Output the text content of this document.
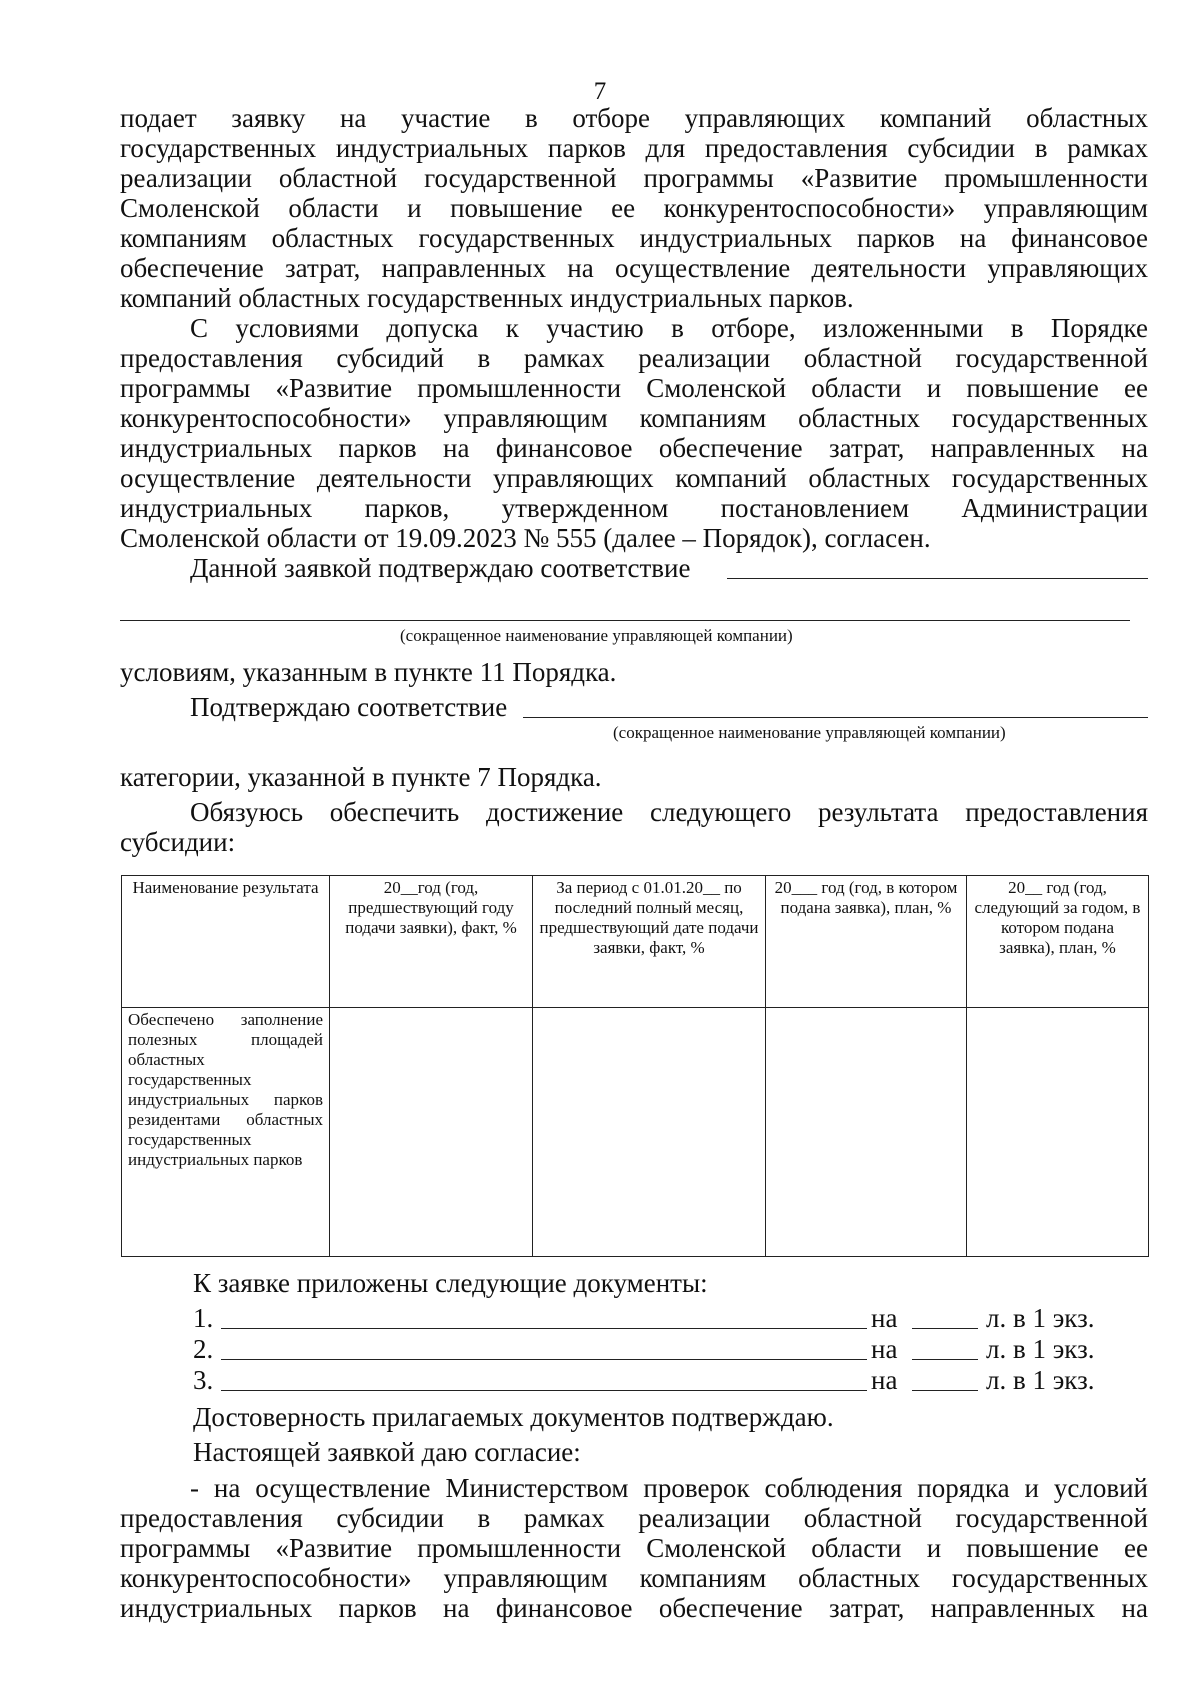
7
подает заявку на участие в отборе управляющих компаний областных
государственных индустриальных парков для предоставления субсидии в рамках
реализации областной государственной программы «Развитие промышленности
Смоленской области и повышение ее конкурентоспособности» управляющим
компаниям областных государственных индустриальных парков на финансовое
обеспечение затрат, направленных на осуществление деятельности управляющих
компаний областных государственных индустриальных парков.
С условиями допуска к участию в отборе, изложенными в Порядке
предоставления субсидий в рамках реализации областной государственной
программы «Развитие промышленности Смоленской области и повышение ее
конкурентоспособности» управляющим компаниям областных государственных
индустриальных парков на финансовое обеспечение затрат, направленных на
осуществление деятельности управляющих компаний областных государственных
индустриальных парков, утвержденном постановлением Администрации
Смоленской области от 19.09.2023 № 555 (далее – Порядок), согласен.
Данной заявкой подтверждаю соответствие
(сокращенное наименование управляющей компании)
условиям, указанным в пункте 11 Порядка.
Подтверждаю соответствие
(сокращенное наименование управляющей компании)
категории, указанной в пункте 7 Порядка.
Обязуюсь обеспечить достижение следующего результата предоставления
субсидии:
Наименование результата	20__год (год, предшествующий году подачи заявки), факт, %	За период с 01.01.20__ по последний полный месяц, предшествующий дате подачи заявки, факт, %	20___ год (год, в котором подана заявка), план, %	20__ год (год, следующий за годом, в котором подана заявка), план, %
Обеспечено заполнение полезных площадей областных государственных индустриальных парков резидентами областных государственных индустриальных парков				
К заявке приложены следующие документы:
1.	на	л. в 1 экз.
2.	на	л. в 1 экз.
3.	на	л. в 1 экз.
Достоверность прилагаемых документов подтверждаю.
Настоящей заявкой даю согласие:
- на осуществление Министерством проверок соблюдения порядка и условий
предоставления субсидии в рамках реализации областной государственной
программы «Развитие промышленности Смоленской области и повышение ее
конкурентоспособности» управляющим компаниям областных государственных
индустриальных парков на финансовое обеспечение затрат, направленных на
